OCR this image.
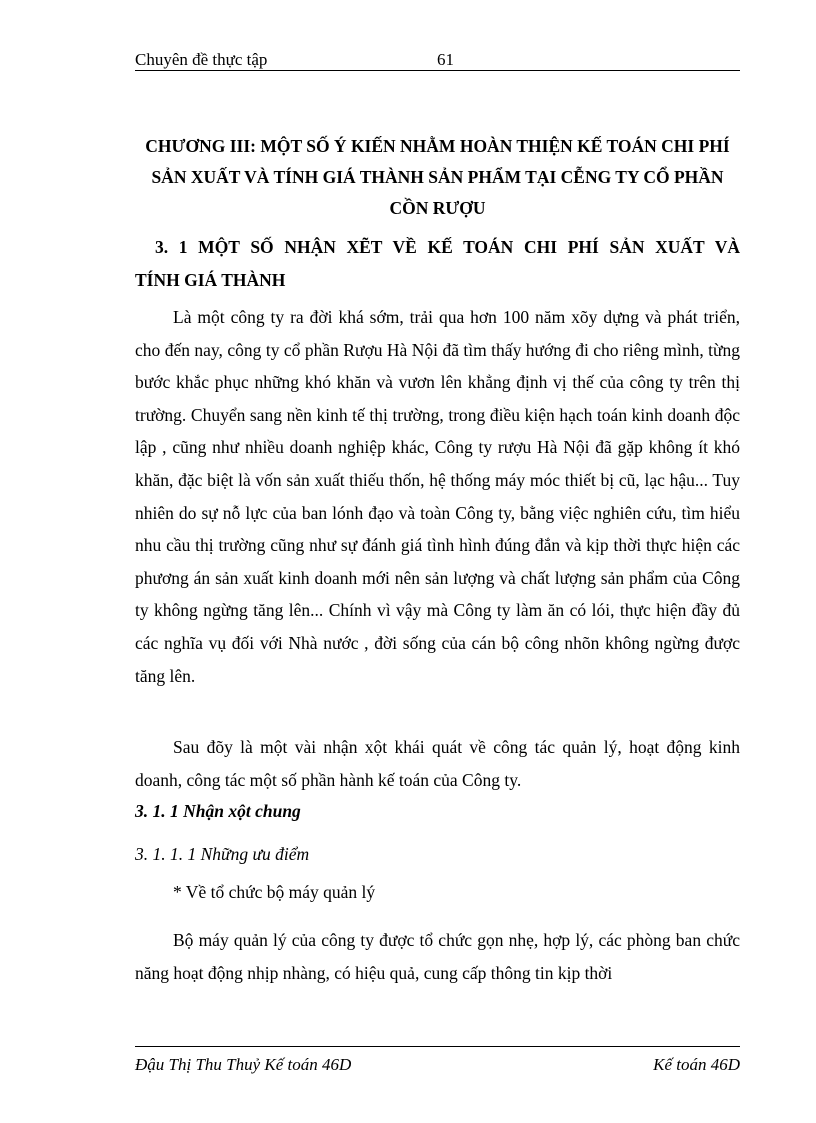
Chuyên đề thực tập	61
CHƯƠNG III: MỘT SỐ Ý KIẾN NHẰM HOÀN THIỆN KẾ TOÁN CHI PHÍ SẢN XUẤT VÀ TÍNH GIÁ THÀNH SẢN PHẨM TẠI CỄNG TY CỔ PHẦN CỒN RƯỢU
3. 1 MỘT SỐ NHẬN XẼT VỀ KẾ TOÁN CHI PHÍ SẢN XUẤT VÀ
TÍNH GIÁ THÀNH

Là một công ty ra đời khá sớm, trải qua hơn 100 năm xõy dựng và phát triển, cho đến nay, công ty cổ phần Rượu Hà Nội đã tìm thấy hướng đi cho riêng mình, từng bước khắc phục những khó khăn và vươn lên khẳng định vị thế của công ty trên thị trường. Chuyển sang nền kinh tế thị trường, trong điều kiện hạch toán kinh doanh độc lập , cũng như nhiều doanh nghiệp khác, Công ty rượu Hà Nội đã gặp không ít khó khăn, đặc biệt là vốn sản xuất thiếu thốn, hệ thống máy móc thiết bị cũ, lạc hậu... Tuy nhiên do sự nỗ lực của ban lónh đạo và toàn Công ty, bằng việc nghiên cứu, tìm hiểu nhu cầu thị trường cũng như sự đánh giá tình hình đúng đắn và kịp thời thực hiện các phương án sản xuất kinh doanh mới nên sản lượng và chất lượng sản phẩm của Công ty không ngừng tăng lên... Chính vì vậy mà Công ty làm ăn có lói, thực hiện đầy đủ các nghĩa vụ đối với Nhà nước , đời sống của cán bộ công nhõn không ngừng được tăng lên.

Sau đõy là một vài nhận xột khái quát về công tác quản lý, hoạt động kinh doanh, công tác một số phần hành kế toán của Công ty.

3. 1. 1 Nhận xột chung
3. 1. 1. 1 Những ưu điểm
* Về tổ chức bộ máy quản lý

Bộ máy quản lý của công ty được tổ chức gọn nhẹ, hợp lý, các phòng ban chức năng hoạt động nhịp nhàng, có hiệu quả, cung cấp thông tin kịp thời

Đậu Thị Thu Thuỷ Kế toán 46D	Kế toán 46D
